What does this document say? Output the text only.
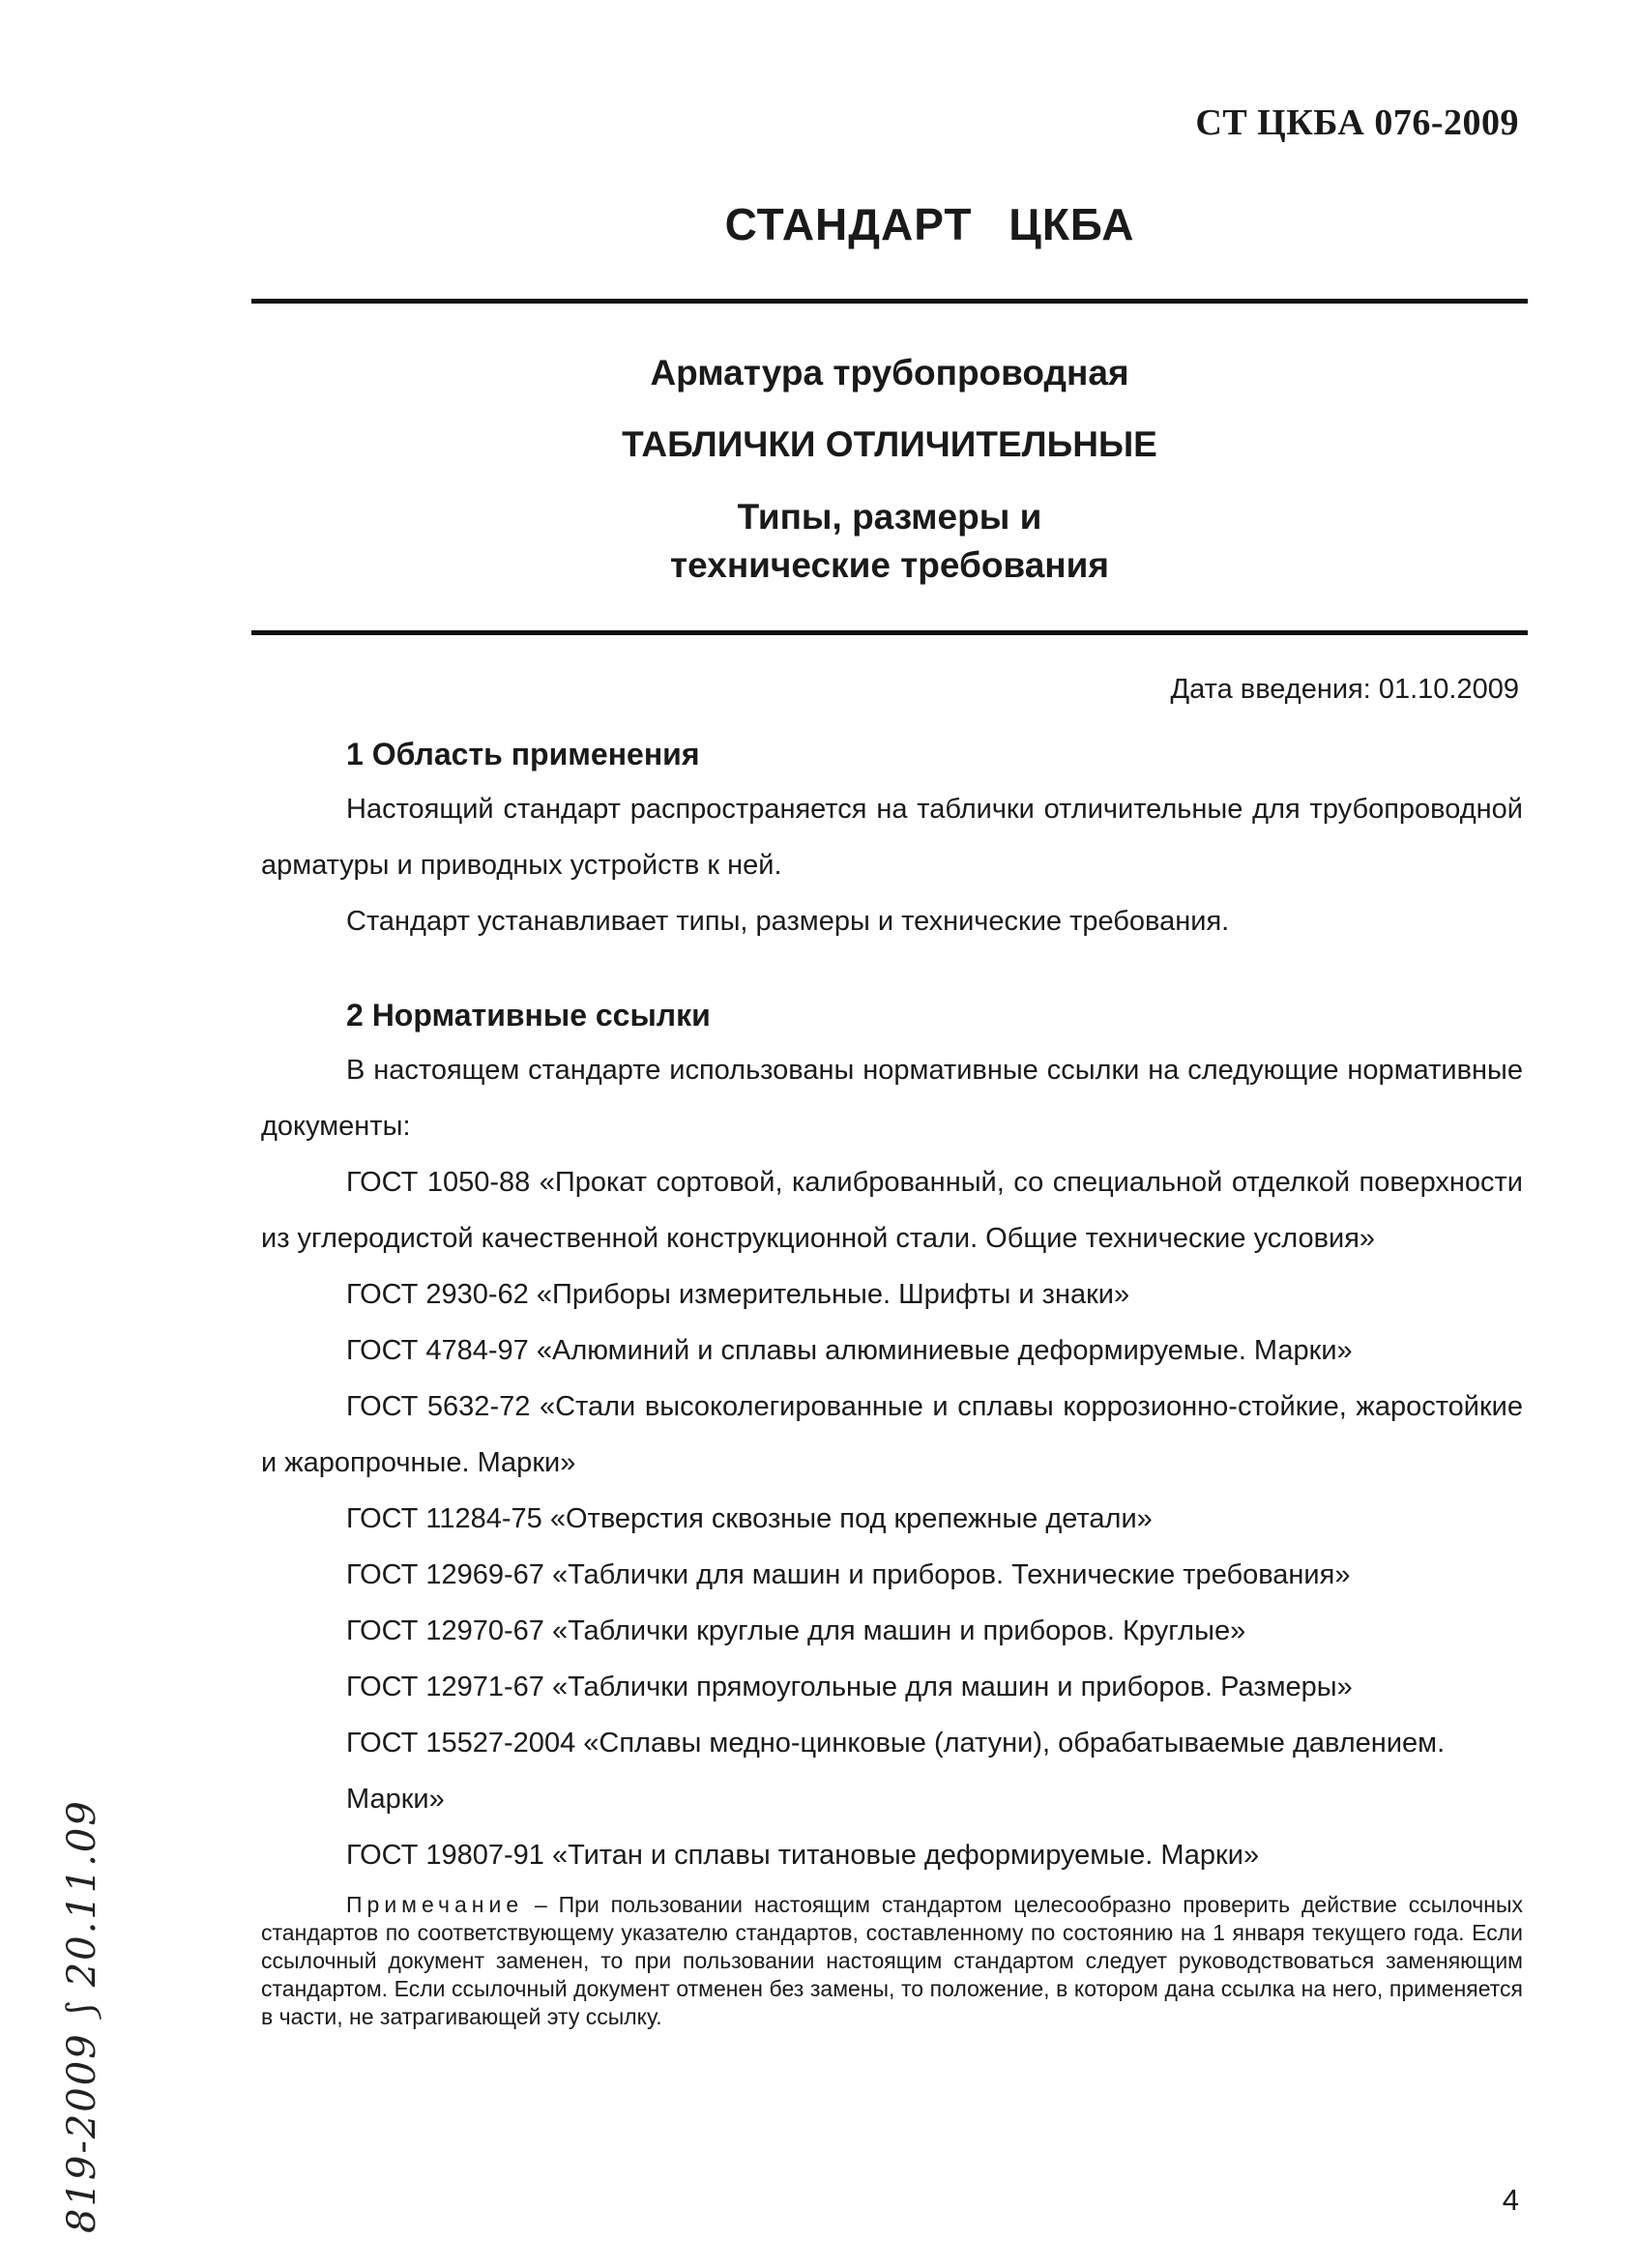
СТ ЦКБА 076-2009
СТАНДАРТ ЦКБА
Арматура трубопроводная
ТАБЛИЧКИ ОТЛИЧИТЕЛЬНЫЕ
Типы, размеры и
технические требования
Дата введения: 01.10.2009
1 Область применения

Настоящий стандарт распространяется на таблички отличительные для трубопроводной арматуры и приводных устройств к ней.

Стандарт устанавливает типы, размеры и технические требования.

2 Нормативные ссылки

В настоящем стандарте использованы нормативные ссылки на следующие нормативные документы:

ГОСТ 1050-88 «Прокат сортовой, калиброванный, со специальной отделкой поверхности из углеродистой качественной конструкционной стали. Общие технические условия»

ГОСТ 2930-62 «Приборы измерительные. Шрифты и знаки»

ГОСТ 4784-97 «Алюминий и сплавы алюминиевые деформируемые. Марки»

ГОСТ 5632-72 «Стали высоколегированные и сплавы коррозионно-стойкие, жаростойкие и жаропрочные. Марки»

ГОСТ 11284-75 «Отверстия сквозные под крепежные детали»

ГОСТ 12969-67 «Таблички для машин и приборов. Технические требования»

ГОСТ 12970-67 «Таблички круглые для машин и приборов. Круглые»

ГОСТ 12971-67 «Таблички прямоугольные для машин и приборов. Размеры»

ГОСТ 15527-2004 «Сплавы медно-цинковые (латуни), обрабатываемые давлением. Марки»

ГОСТ 19807-91 «Титан и сплавы титановые деформируемые. Марки»

Примечание – При пользовании настоящим стандартом целесообразно проверить действие ссылочных стандартов по соответствующему указателю стандартов, составленному по состоянию на 1 января текущего года. Если ссылочный документ заменен, то при пользовании настоящим стандартом следует руководствоваться заменяющим стандартом. Если ссылочный документ отменен без замены, то положение, в котором дана ссылка на него, применяется в части, не затрагивающей эту ссылку.
4
819-2009 ⟆ 20.11.09
